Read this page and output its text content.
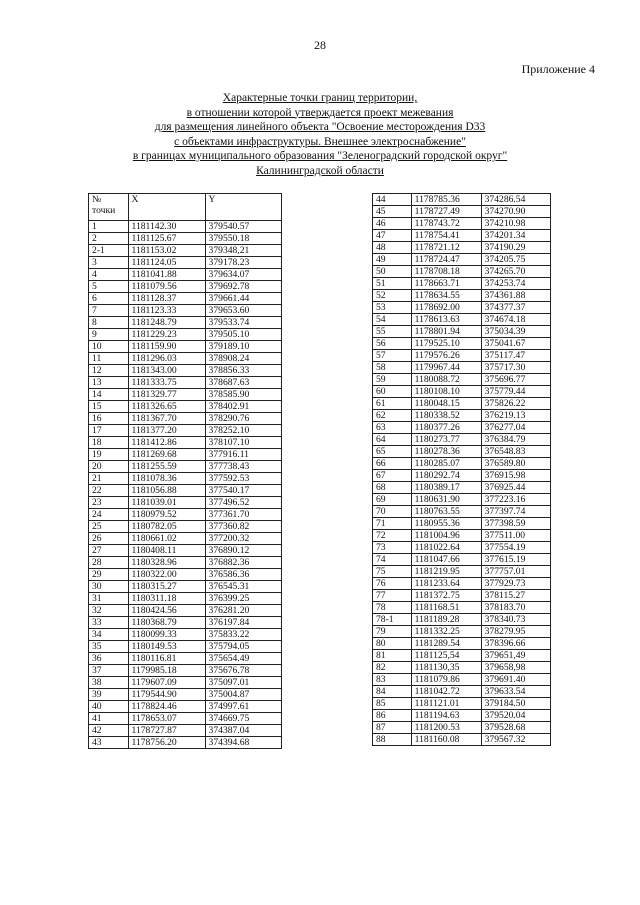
28
Приложение 4
Характерные точки границ территории,
в отношении которой утверждается проект межевания
для размещения линейного объекта "Освоение месторождения D33
с объектами инфраструктуры. Внешнее электроснабжение"
в границах муниципального образования "Зеленоградский городской округ"
Калининградской области
№
точки	X	Y
1	1181142.30	379540.57
2	1181125.67	379550.18
2-1	1181153.02	379348,21
3	1181124.05	379178.23
4	1181041.88	379634.07
5	1181079.56	379692.78
6	1181128.37	379661.44
7	1181123.33	379653.60
8	1181248.79	379533.74
9	1181229.23	379505.10
10	1181159.90	379189.10
11	1181296.03	378908.24
12	1181343.00	378856.33
13	1181333.75	378687.63
14	1181329.77	378585.90
15	1181326.65	378402.91
16	1181367.70	378290.76
17	1181377.20	378252.10
18	1181412.86	378107.10
19	1181269.68	377916.11
20	1181255.59	377738.43
21	1181078.36	377592.53
22	1181056.88	377540.17
23	1181039.01	377496.52
24	1180979.52	377361.70
25	1180782.05	377360.82
26	1180661.02	377200.32
27	1180408.11	376890.12
28	1180328.96	376882.36
29	1180322.00	376586.36
30	1180315.27	376545.31
31	1180311.18	376399.25
32	1180424.56	376281.20
33	1180368.79	376197.84
34	1180099.33	375833.22
35	1180149.53	375794.05
36	1180116.81	375654.49
37	1179985.18	375676.78
38	1179607.09	375097.01
39	1179544.90	375004.87
40	1178824.46	374997.61
41	1178653.07	374669.75
42	1178727.87	374387.04
43	1178756.20	374394.68
44	1178785.36	374286.54
45	1178727.49	374270.90
46	1178743.72	374210.98
47	1178754.41	374201.34
48	1178721.12	374190.29
49	1178724.47	374205.75
50	1178708.18	374265.70
51	1178663.71	374253.74
52	1178634.55	374361.88
53	1178692.00	374377.37
54	1178613.63	374674.18
55	1178801.94	375034.39
56	1179525.10	375041.67
57	1179576.26	375117.47
58	1179967.44	375717.30
59	1180088.72	375696.77
60	1180108.10	375779.44
61	1180048.15	375826.22
62	1180338.52	376219.13
63	1180377.26	376277.04
64	1180273.77	376384.79
65	1180278.36	376548.83
66	1180285.07	376589.80
67	1180292.74	376915.98
68	1180389.17	376925.44
69	1180631.90	377223.16
70	1180763.55	377397.74
71	1180955.36	377398.59
72	1181004.96	377511.00
73	1181022.64	377554.19
74	1181047.66	377615.19
75	1181219.95	377757.01
76	1181233.64	377929.73
77	1181372.75	378115.27
78	1181168.51	378183.70
78-1	1181189.28	378340.73
79	1181332.25	378279.95
80	1181289.54	378396.66
81	1181125,54	379651,49
82	1181130,35	379658,98
83	1181079.86	379691.40
84	1181042.72	379633.54
85	1181121.01	379184.50
86	1181194.63	379520.04
87	1181200.53	379528.68
88	1181160.08	379567.32
